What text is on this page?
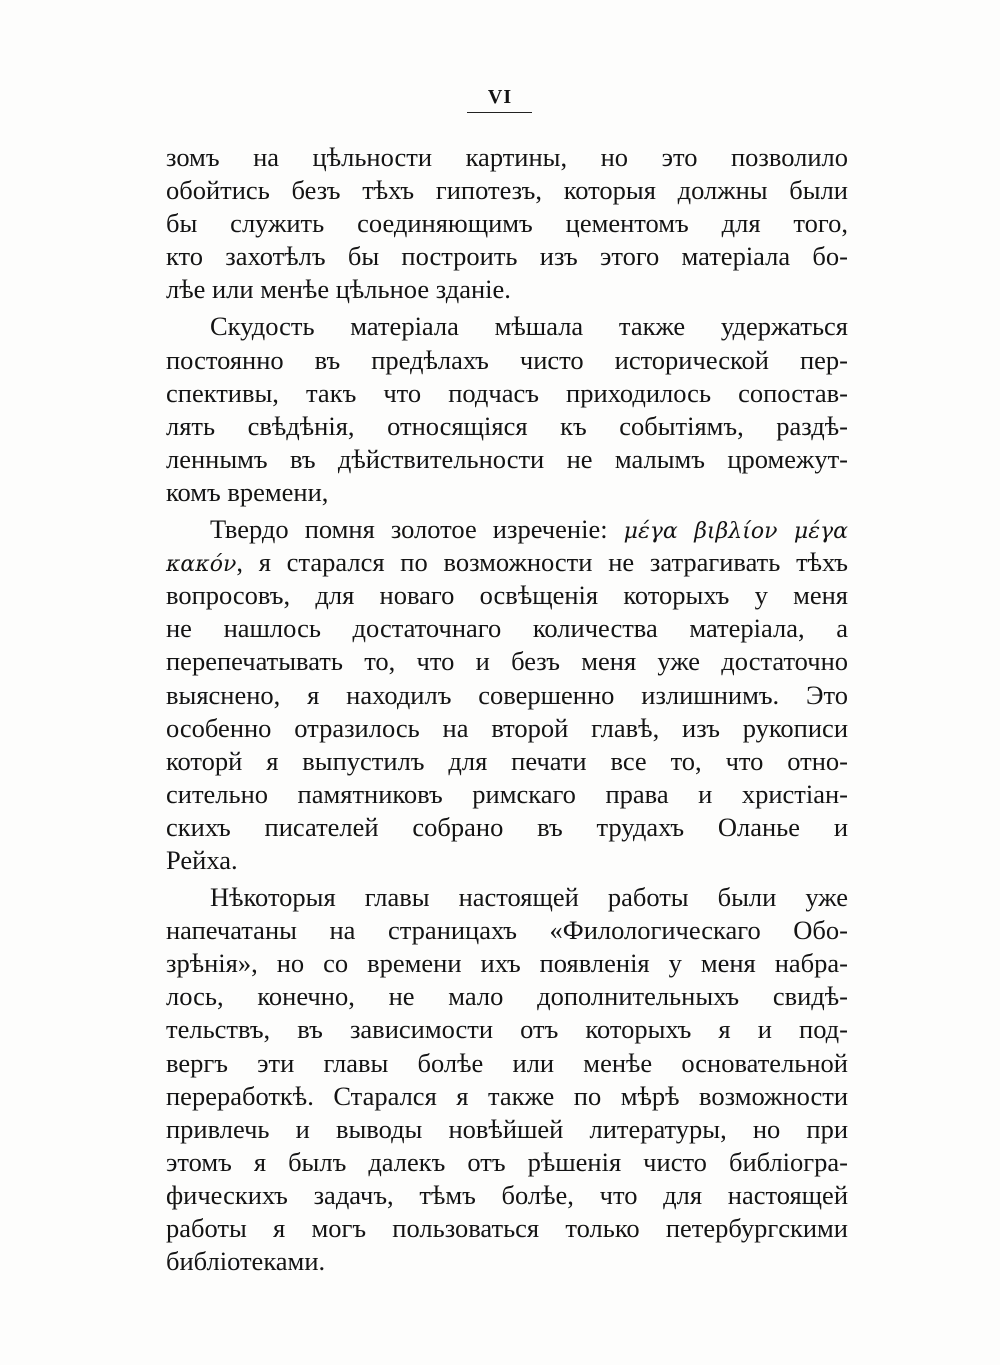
VI
зомъ на цѣльности картины, но это позволило
обойтись безъ тѣхъ гипотезъ, которыя должны были
бы служить соединяющимъ цементомъ для того,
кто захотѣлъ бы построить изъ этого матеріала бо-
лѣе или менѣе цѣльное зданіе.
Скудость матеріала мѣшала также удержаться
постоянно въ предѣлахъ чисто исторической пер-
спективы, такъ что подчасъ приходилось сопостав-
лять свѣдѣнія, относящіяся къ событіямъ, раздѣ-
леннымъ въ дѣйствительности не малымъ цромежут-
комъ времени,
Твердо помня золотое изреченіе: μέγα βιβλίον μέγα
κακόν, я старался по возможности не затрагивать тѣхъ
вопросовъ, для новаго освѣщенія которыхъ у меня
не нашлось достаточнаго количества матеріала, а
перепечатывать то, что и безъ меня уже достаточно
выяснено, я находилъ совершенно излишнимъ. Это
особенно отразилось на второй главѣ, изъ рукописи
которй я выпустилъ для печати все то, что отно-
сительно памятниковъ римскаго права и христіан-
скихъ писателей собрано въ трудахъ Оланье и
Рейха.
Нѣкоторыя главы настоящей работы были уже
напечатаны на страницахъ «Филологическаго Обо-
зрѣнія», но со времени ихъ появленія у меня набра-
лось, конечно, не мало дополнительныхъ свидѣ-
тельствъ, въ зависимости отъ которыхъ я и под-
вергъ эти главы болѣе или менѣе основательной
переработкѣ. Старался я также по мѣрѣ возможности
привлечь и выводы новѣйшей литературы, но при
этомъ я былъ далекъ отъ рѣшенія чисто библіогра-
фическихъ задачъ, тѣмъ болѣе, что для настоящей
работы я могъ пользоваться только петербургскими
библіотеками.
